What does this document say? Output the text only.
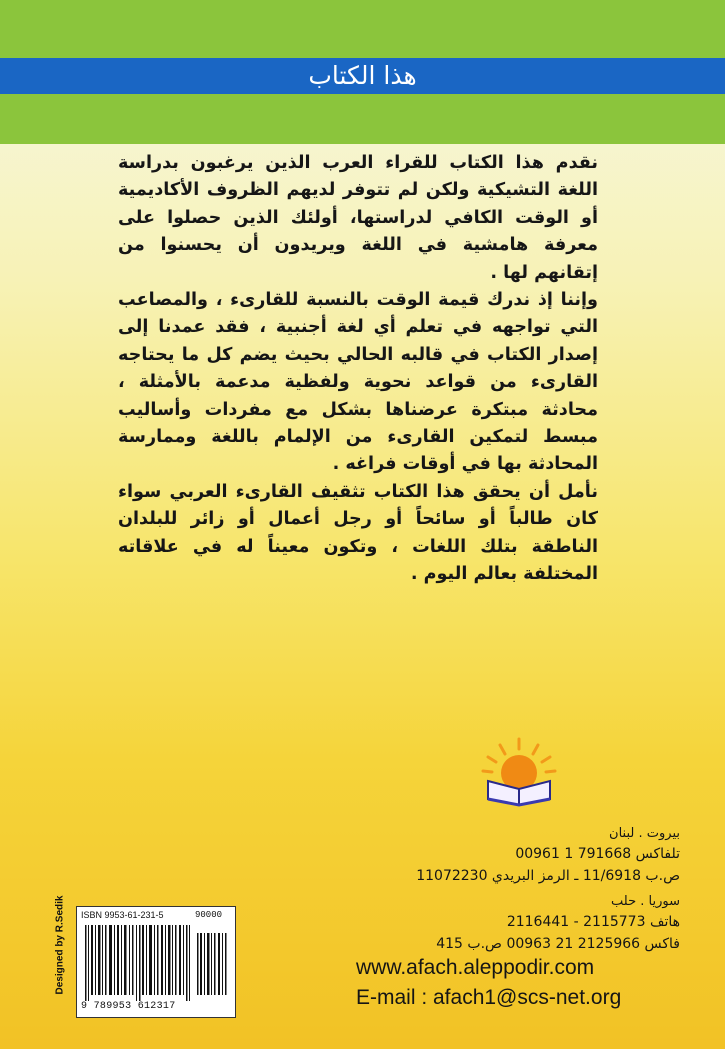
هذا الكتاب

نقدم هذا الكتاب للقراء العرب الذين يرغبون بدراسة اللغة التشيكية ولكن لم تتوفر لديهم الظروف الأكاديمية أو الوقت الكافي لدراستها، أولئك الذين حصلوا على معرفة هامشية في اللغة ويريدون أن يحسنوا من إتقانهم لها .

وإننا إذ ندرك قيمة الوقت بالنسبة للقارىء ، والمصاعب التي تواجهه في تعلم أي لغة أجنبية ، فقد عمدنا إلى إصدار الكتاب في قالبه الحالي بحيث يضم كل ما يحتاجه القارىء من قواعد نحوية ولفظية مدعمة بالأمثلة ، محادثة مبتكرة عرضناها بشكل مع مفردات وأساليب مبسط لتمكين القارىء من الإلمام باللغة وممارسة المحادثة بها في أوقات فراغه .

نأمل أن يحقق هذا الكتاب تثقيف القارىء العربي سواء كان طالباً أو سائحاً أو رجل أعمال أو زائر للبلدان الناطقة بتلك اللغات ، وتكون معيناً له في علاقاته المختلفة بعالم اليوم .

بيروت . لبنان
تلفاكس 791668 1 00961
ص.ب 11/6918 ـ الرمز البريدي 11072230
سوريا . حلب
هاتف 2115773 - 2116441
فاكس 2125966 21 00963 ص.ب 415
www.afach.aleppodir.com
E-mail : afach1@scs-net.org
Designed by R.Sedik ISBN 9953-61-231-5	90000
9 789953 612317
